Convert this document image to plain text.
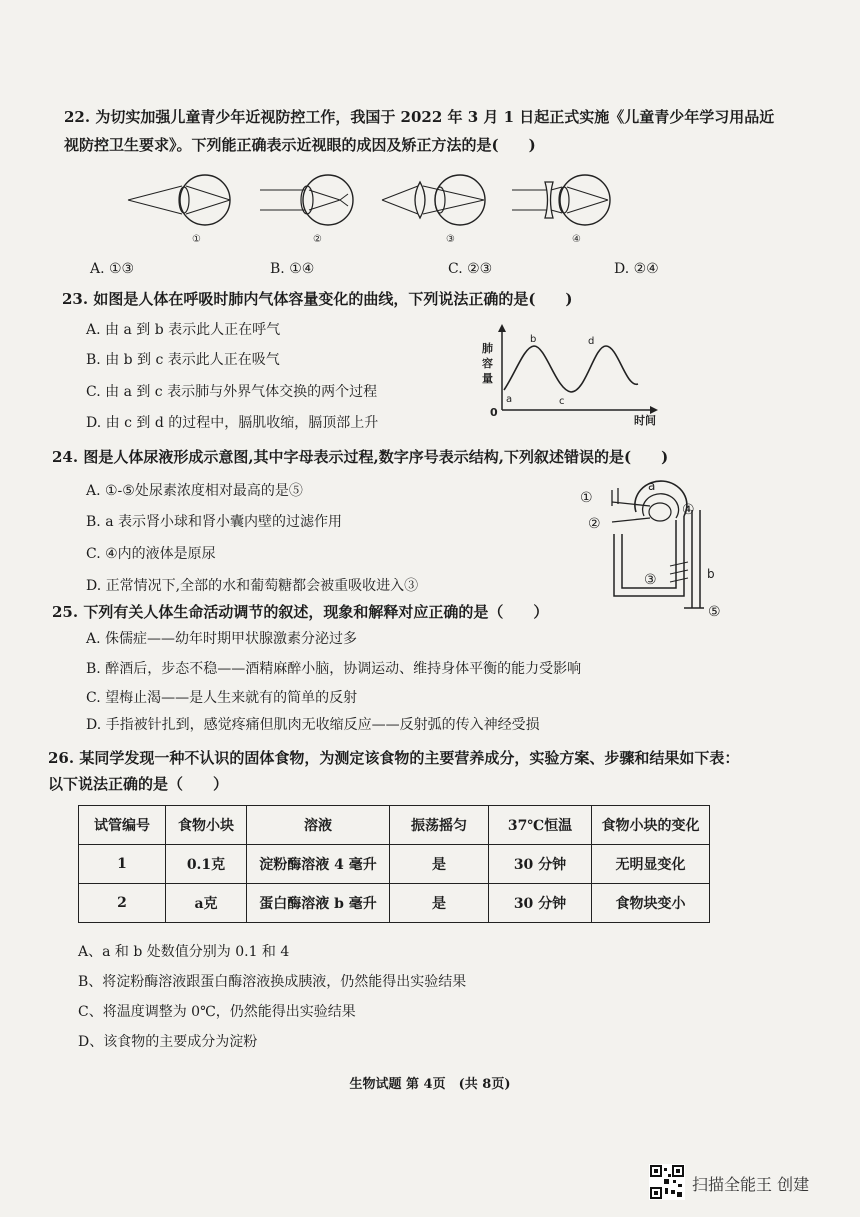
22. 为切实加强儿童青少年近视防控工作，我国于 2022 年 3 月 1 日起正式实施《儿童青少年学习用品近
视防控卫生要求》。下列能正确表示近视眼的成因及矫正方法的是(　　)
①	②	③	④
A. ①③	B. ①④	C. ②③	D. ②④
23. 如图是人体在呼吸时肺内气体容量变化的曲线，下列说法正确的是(　　)
A. 由 a 到 b 表示此人正在呼气
B. 由 b 到 c 表示此人正在吸气
C. 由 a 到 c 表示肺与外界气体交换的两个过程
D. 由 c 到 d 的过程中，膈肌收缩，膈顶部上升
肺
容
量
0
时间
a
b
c
d
24. 图是人体尿液形成示意图,其中字母表示过程,数字序号表示结构,下列叙述错误的是(　　)
A. ①-⑤处尿素浓度相对最高的是⑤
B. a 表示肾小球和肾小囊内壁的过滤作用
C. ④内的液体是原尿
D. 正常情况下,全部的水和葡萄糖都会被重吸收进入③
①
②
③
④
⑤
a
b
25. 下列有关人体生命活动调节的叙述，现象和解释对应正确的是（　　）
A. 侏儒症——幼年时期甲状腺激素分泌过多
B. 醉酒后，步态不稳——酒精麻醉小脑，协调运动、维持身体平衡的能力受影响
C. 望梅止渴——是人生来就有的简单的反射
D. 手指被针扎到，感觉疼痛但肌肉无收缩反应——反射弧的传入神经受损
26. 某同学发现一种不认识的固体食物，为测定该食物的主要营养成分，实验方案、步骤和结果如下表：
以下说法正确的是（　　）
试管编号	食物小块	溶液	振荡摇匀	37℃恒温	食物小块的变化
1	0.1克	淀粉酶溶液 4 毫升	是	30 分钟	无明显变化
2	a克	蛋白酶溶液 b 毫升	是	30 分钟	食物块变小
A、a 和 b 处数值分别为 0.1 和 4
B、将淀粉酶溶液跟蛋白酶溶液换成胰液，仍然能得出实验结果
C、将温度调整为 0℃，仍然能得出实验结果
D、该食物的主要成分为淀粉
生物试题 第 4页　(共 8页)
扫描全能王 创建
